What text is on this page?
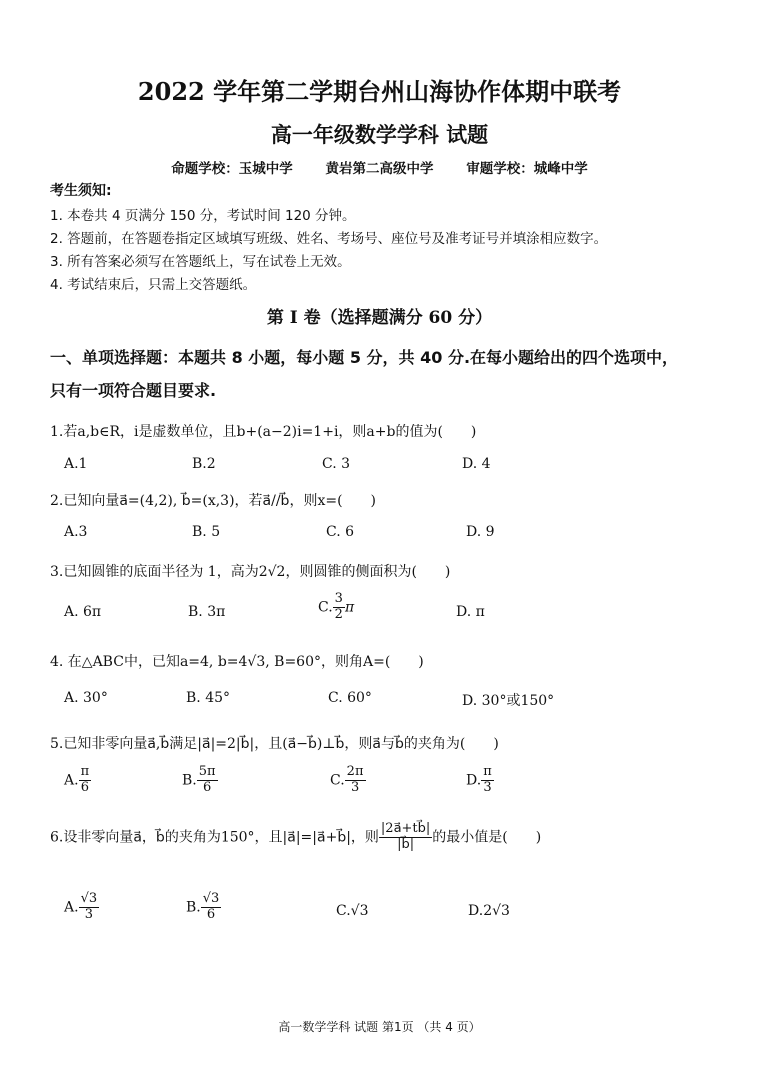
2022 学年第二学期台州山海协作体期中联考
高一年级数学学科 试题
命题学校：玉城中学 黄岩第二高级中学 审题学校：城峰中学
考生须知:
1. 本卷共 4 页满分 150 分，考试时间 120 分钟。
2. 答题前，在答题卷指定区域填写班级、姓名、考场号、座位号及准考证号并填涂相应数字。
3. 所有答案必须写在答题纸上，写在试卷上无效。
4. 考试结束后，只需上交答题纸。
第 I 卷（选择题满分 60 分）
一、单项选择题：本题共 8 小题，每小题 5 分，共 40 分.在每小题给出的四个选项中，
只有一项符合题目要求.
1.若a,b∈R，i是虚数单位，且b+(a−2)i=1+i，则a+b的值为(　　)
A.1	B.2	C. 3	D. 4
2.已知向量a⃗=(4,2), b⃗=(x,3)，若a⃗//b⃗，则x=(　　)
A.3	B. 5	C. 6	D. 9
3.已知圆锥的底面半径为 1，高为2√2，则圆锥的侧面积为(　　)
A. 6π	B. 3π	C. $\frac{3}{2}$ π	D. π
4. 在△ABC中，已知a=4, b=4√3, B=60°，则角A=(　　)
A. 30°	B. 45°	C. 60°	D. 30°或150°
5.已知非零向量a⃗,b⃗满足|a⃗|=2|b⃗|，且(a⃗−b⃗)⊥b⃗，则a⃗与b⃗的夹角为(　　)
A. $\frac{\pi}{6}$	B. $\frac{5\pi}{6}$	C. $\frac{2\pi}{3}$	D. $\frac{\pi}{3}$
6.设非零向量a⃗，b⃗的夹角为150°，且|a⃗|=|a⃗+b⃗|，则 $\frac{|2a⃗+tb⃗|}{|b⃗|}$ 的最小值是(　　)
A. $\frac{√3}{3}$	B. $\frac{√3}{6}$	C.√3	D.2√3
高一数学学科 试题 第1页 （共 4 页）
